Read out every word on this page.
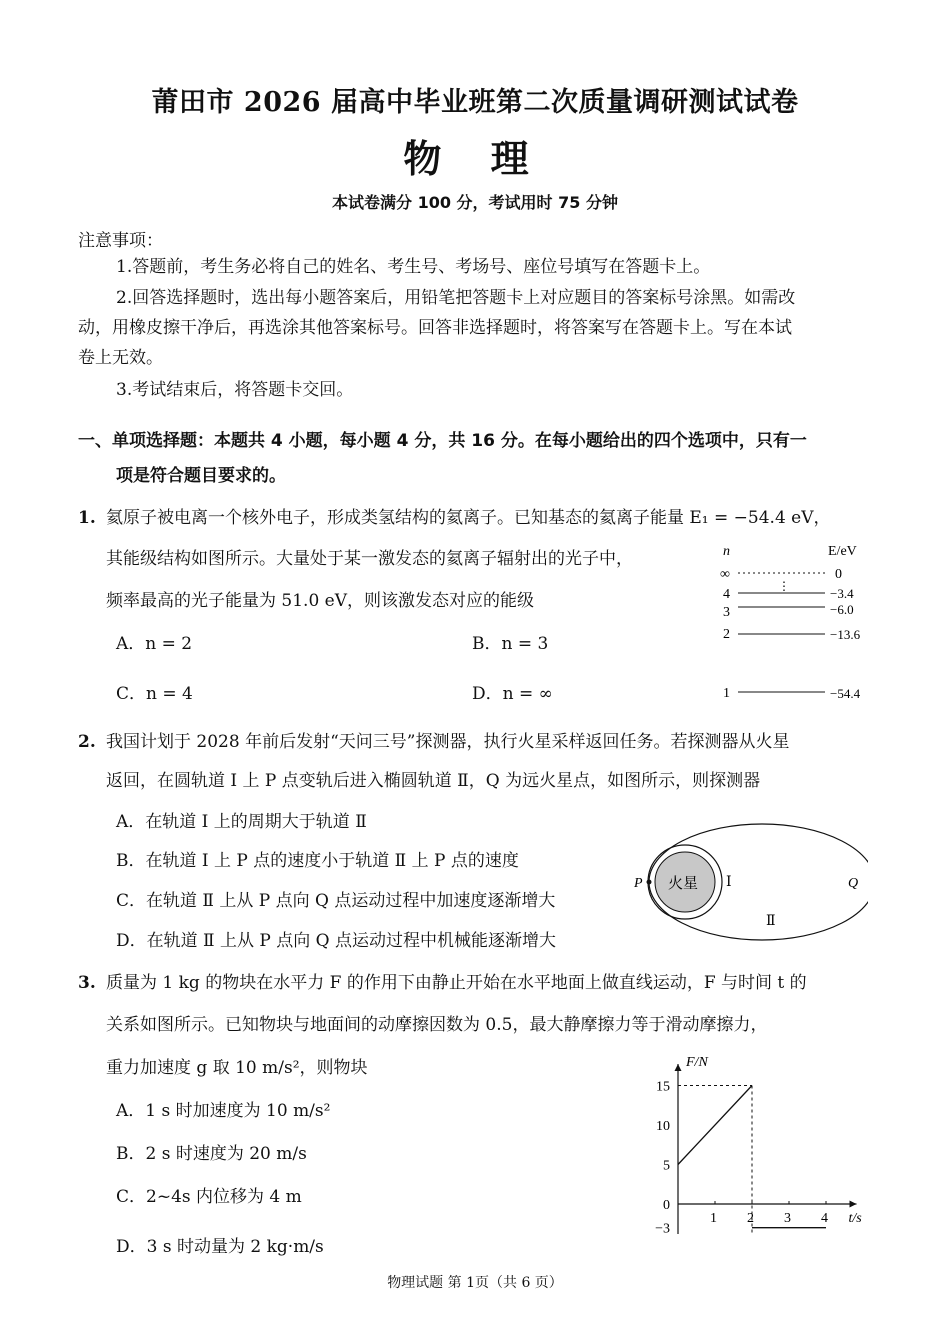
莆田市 2026 届高中毕业班第二次质量调研测试试卷
物 理
本试卷满分 100 分，考试用时 75 分钟
注意事项：
1.答题前，考生务必将自己的姓名、考生号、考场号、座位号填写在答题卡上。
2.回答选择题时，选出每小题答案后，用铅笔把答题卡上对应题目的答案标号涂黑。如需改
动，用橡皮擦干净后，再选涂其他答案标号。回答非选择题时，将答案写在答题卡上。写在本试
卷上无效。
3.考试结束后，将答题卡交回。
一、单项选择题：本题共 4 小题，每小题 4 分，共 16 分。在每小题给出的四个选项中，只有一
项是符合题目要求的。
1. 氦原子被电离一个核外电子，形成类氢结构的氦离子。已知基态的氦离子能量 E₁ = −54.4 eV，
其能级结构如图所示。大量处于某一激发态的氦离子辐射出的光子中，
频率最高的光子能量为 51.0 eV，则该激发态对应的能级
A．n = 2	B．n = 3
C．n = 4	D．n = ∞
n	E/eV
∞	0
⋮
4	−3.4
3	−6.0
2	−13.6
1	−54.4
2. 我国计划于 2028 年前后发射“天问三号”探测器，执行火星采样返回任务。若探测器从火星
返回，在圆轨道 Ⅰ 上 P 点变轨后进入椭圆轨道 Ⅱ，Q 为远火星点，如图所示，则探测器
A．在轨道 Ⅰ 上的周期大于轨道 Ⅱ
B．在轨道 Ⅰ 上 P 点的速度小于轨道 Ⅱ 上 P 点的速度
C．在轨道 Ⅱ 上从 P 点向 Q 点运动过程中加速度逐渐增大
D．在轨道 Ⅱ 上从 P 点向 Q 点运动过程中机械能逐渐增大
火星
P	Q
Ⅰ
Ⅱ
3. 质量为 1 kg 的物块在水平力 F 的作用下由静止开始在水平地面上做直线运动，F 与时间 t 的
关系如图所示。已知物块与地面间的动摩擦因数为 0.5，最大静摩擦力等于滑动摩擦力，
重力加速度 g 取 10 m/s²，则物块
A．1 s 时加速度为 10 m/s²
B．2 s 时速度为 20 m/s
C．2~4s 内位移为 4 m
D．3 s 时动量为 2 kg·m/s
F/N
t/s
15
10
5
0
−3
1 2 3 4
物理试题 第 1页（共 6 页）
